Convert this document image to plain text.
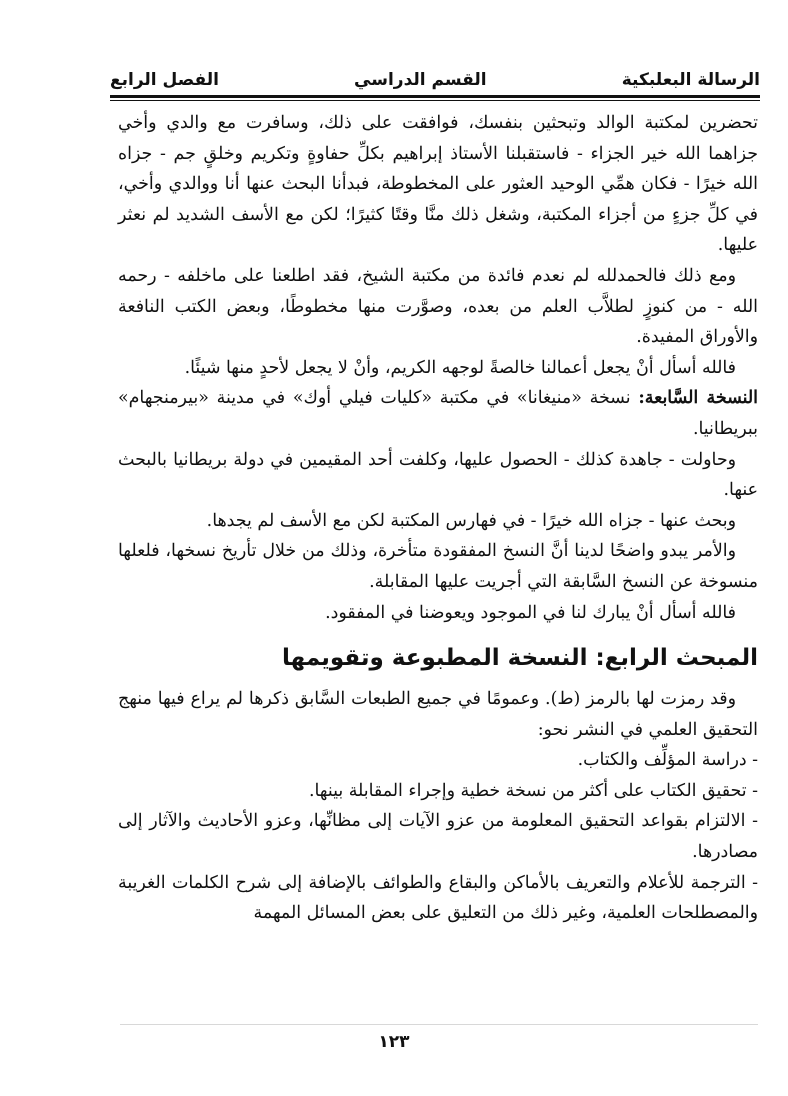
الرسالة البعلبكية
القسم الدراسي
الفصل الرابع

تحضرين لمكتبة الوالد وتبحثين بنفسك، فوافقت على ذلك، وسافرت مع والدي وأخي جزاهما الله خير الجزاء - فاستقبلنا الأستاذ إبراهيم بكلِّ حفاوةٍ وتكريم وخلقٍ جم - جزاه الله خيرًا - فكان همِّي الوحيد العثور على المخطوطة، فبدأنا البحث عنها أنا ووالدي وأخي، في كلِّ جزءٍ من أجزاء المكتبة، وشغل ذلك منَّا وقتًا كثيرًا؛ لكن مع الأسف الشديد لم نعثر عليها.

ومع ذلك فالحمدلله لم نعدم فائدة من مكتبة الشيخ، فقد اطلعنا على ماخلفه - رحمه الله - من كنوزٍ لطلاَّب العلم من بعده، وصوَّرت منها مخطوطًا، وبعض الكتب النافعة والأوراق المفيدة.

فالله أسأل أنْ يجعل أعمالنا خالصةً لوجهه الكريم، وأنْ لا يجعل لأحدٍ منها شيئًا.

النسخة السَّابعة: نسخة «منيغانا» في مكتبة «كليات فيلي أوك» في مدينة «بيرمنجهام» ببريطانيا.

وحاولت - جاهدة كذلك - الحصول عليها، وكلفت أحد المقيمين في دولة بريطانيا بالبحث عنها.

وبحث عنها - جزاه الله خيرًا - في فهارس المكتبة لكن مع الأسف لم يجدها.

والأمر يبدو واضحًا لدينا أنَّ النسخ المفقودة متأخرة، وذلك من خلال تأريخ نسخها، فلعلها منسوخة عن النسخ السَّابقة التي أجريت عليها المقابلة.

فالله أسأل أنْ يبارك لنا في الموجود ويعوضنا في المفقود.

المبحث الرابع: النسخة المطبوعة وتقويمها

وقد رمزت لها بالرمز (ط). وعمومًا في جميع الطبعات السَّابق ذكرها لم يراع فيها منهج التحقيق العلمي في النشر نحو:

- دراسة المؤلِّف والكتاب.

- تحقيق الكتاب على أكثر من نسخة خطية وإجراء المقابلة بينها.

- الالتزام بقواعد التحقيق المعلومة من عزو الآيات إلى مظانِّها، وعزو الأحاديث والآثار إلى مصادرها.

- الترجمة للأعلام والتعريف بالأماكن والبقاع والطوائف بالإضافة إلى شرح الكلمات الغريبة والمصطلحات العلمية، وغير ذلك من التعليق على بعض المسائل المهمة

١٢٣
